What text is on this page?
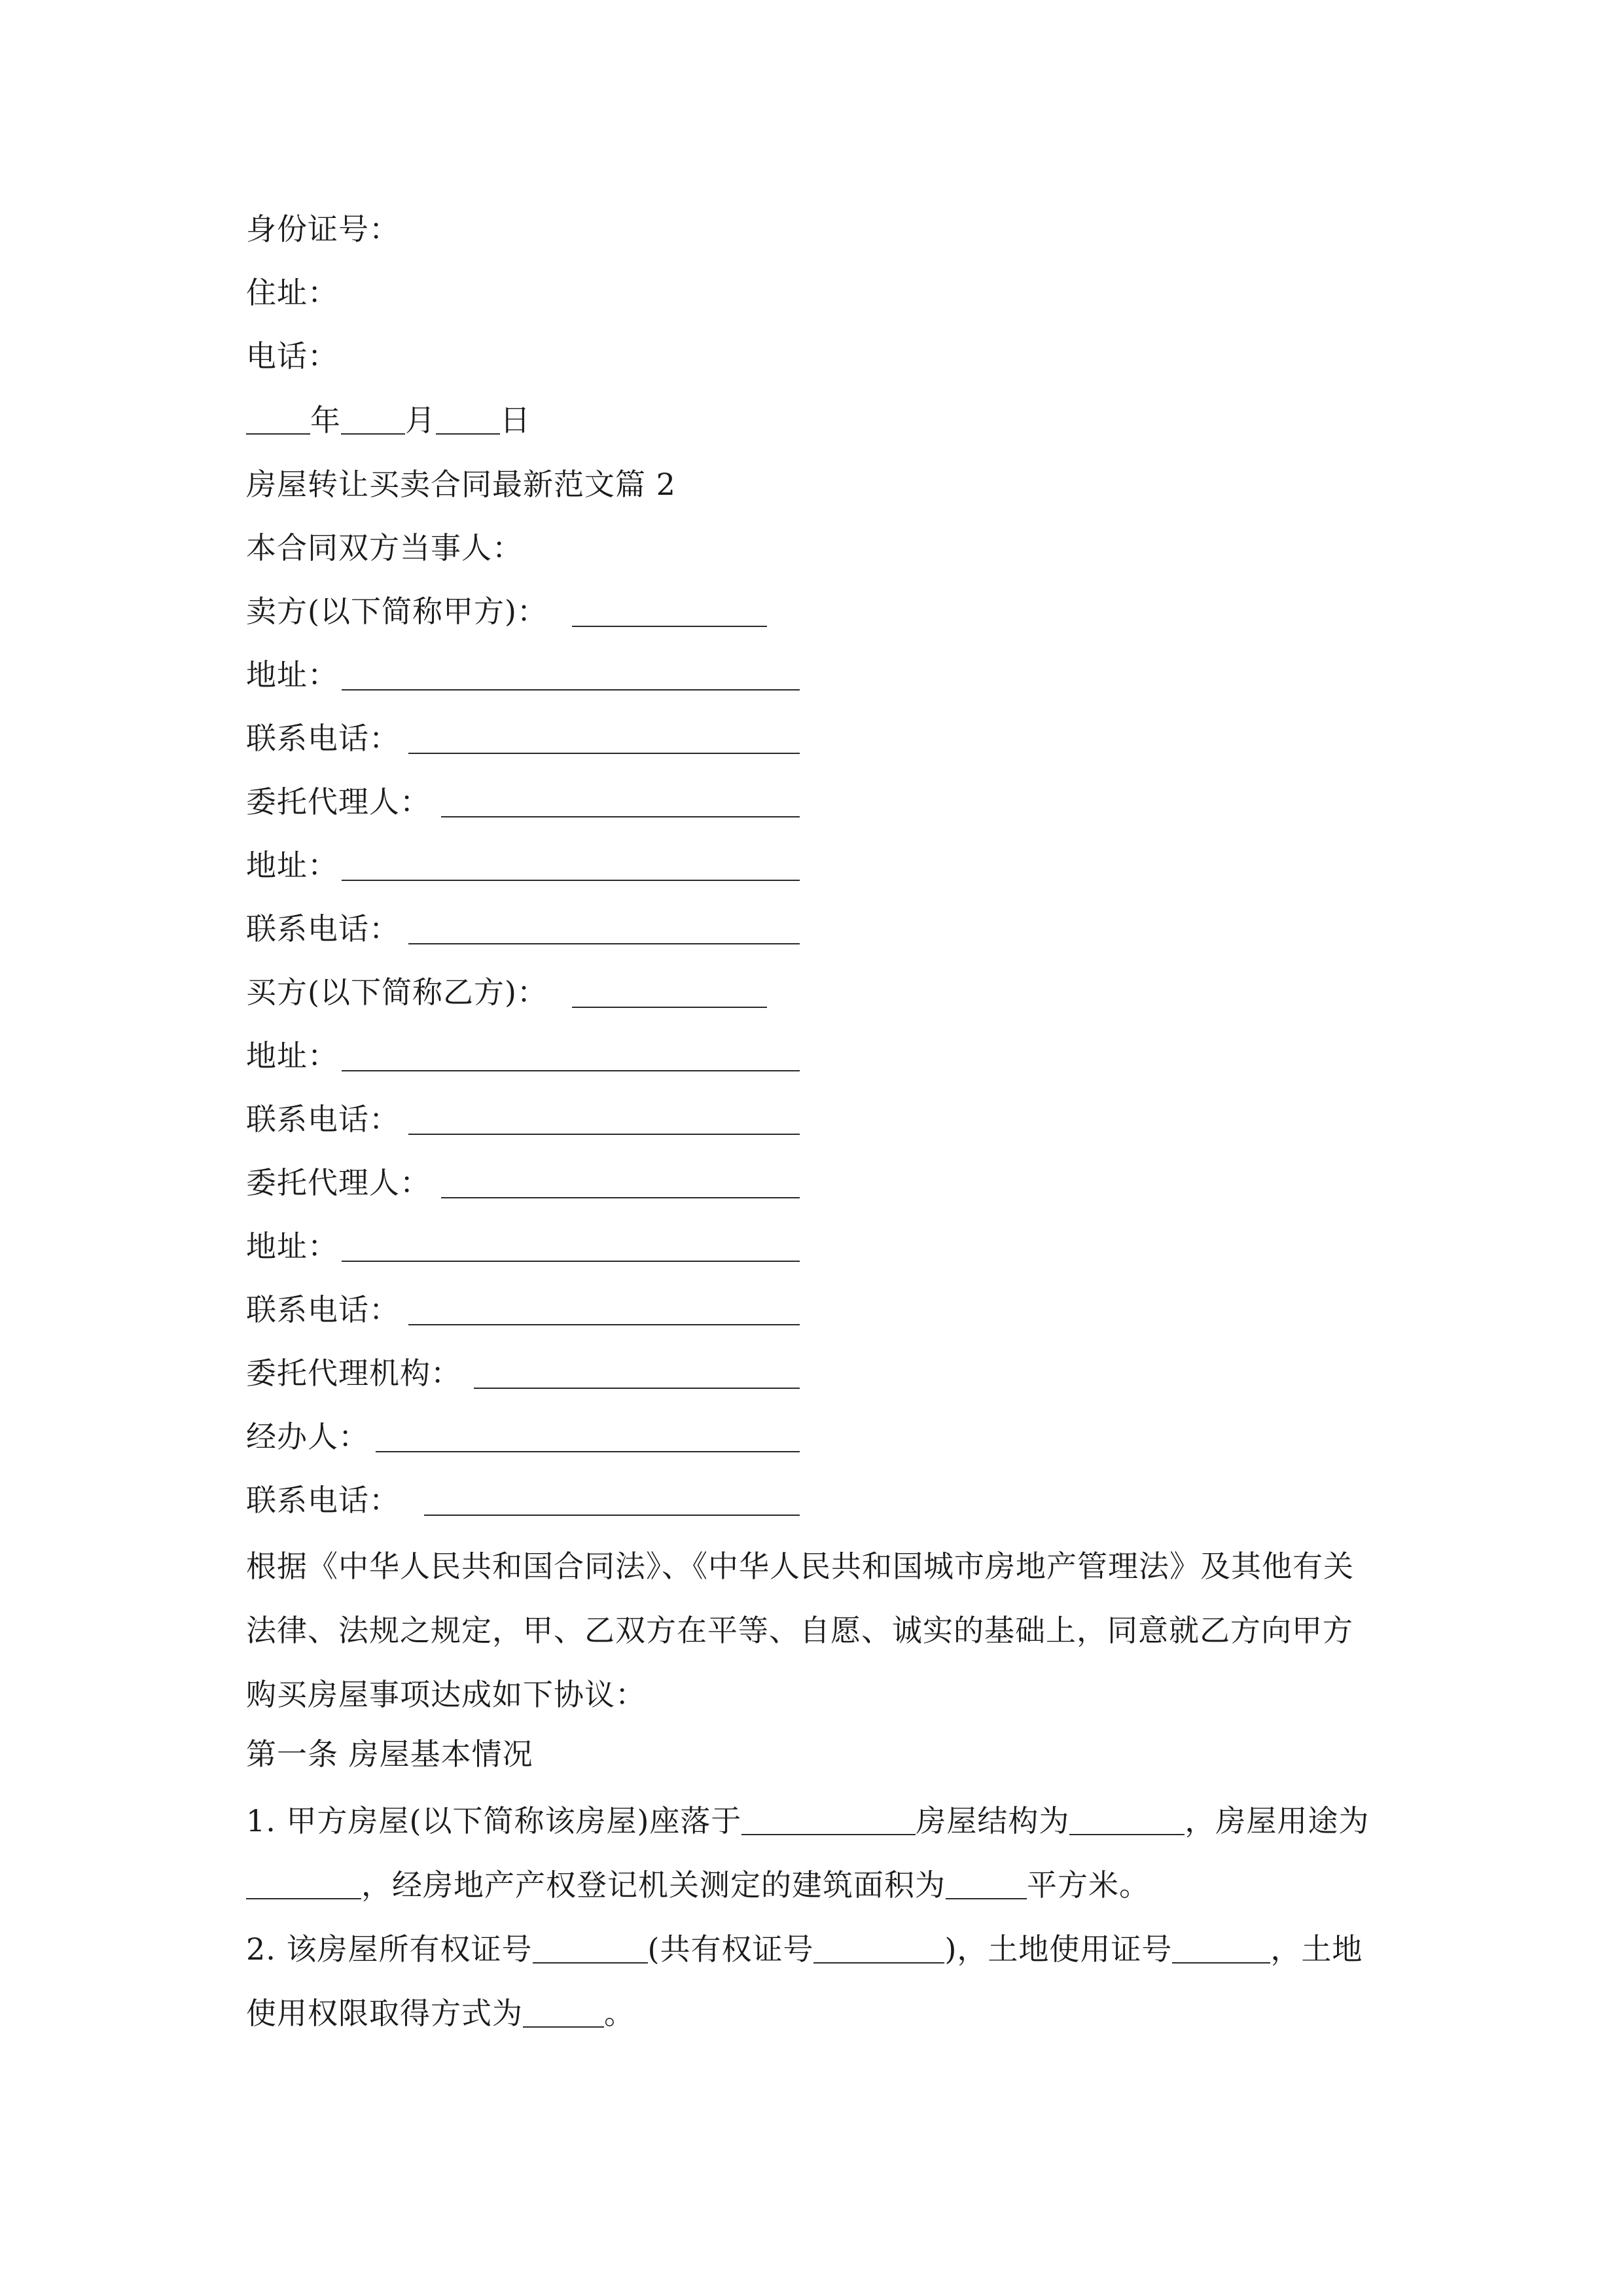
身份证号：
住址：
电话：
年 月 日
房屋转让买卖合同最新范文篇 2
本合同双方当事人：
卖方(以下简称甲方)：
地址：
联系电话：
委托代理人：
地址：
联系电话：
买方(以下简称乙方)：
地址：
联系电话：
委托代理人：
地址：
联系电话：
委托代理机构：
经办人：
联系电话：
根据《中华人民共和国合同法》、《中华人民共和国城市房地产管理法》及其他有关法律、法规之规定，甲、乙双方在平等、自愿、诚实的基础上，同意就乙方向甲方购买房屋事项达成如下协议：
第一条 房屋基本情况
1. 甲方房屋(以下简称该房屋)座落于	房屋结构为	，房屋用途为，经房地产产权登记机关测定的建筑面积为	平方米。
2. 该房屋所有权证号	(共有权证号	)，土地使用证号	，土地使用权限取得方式为	。
